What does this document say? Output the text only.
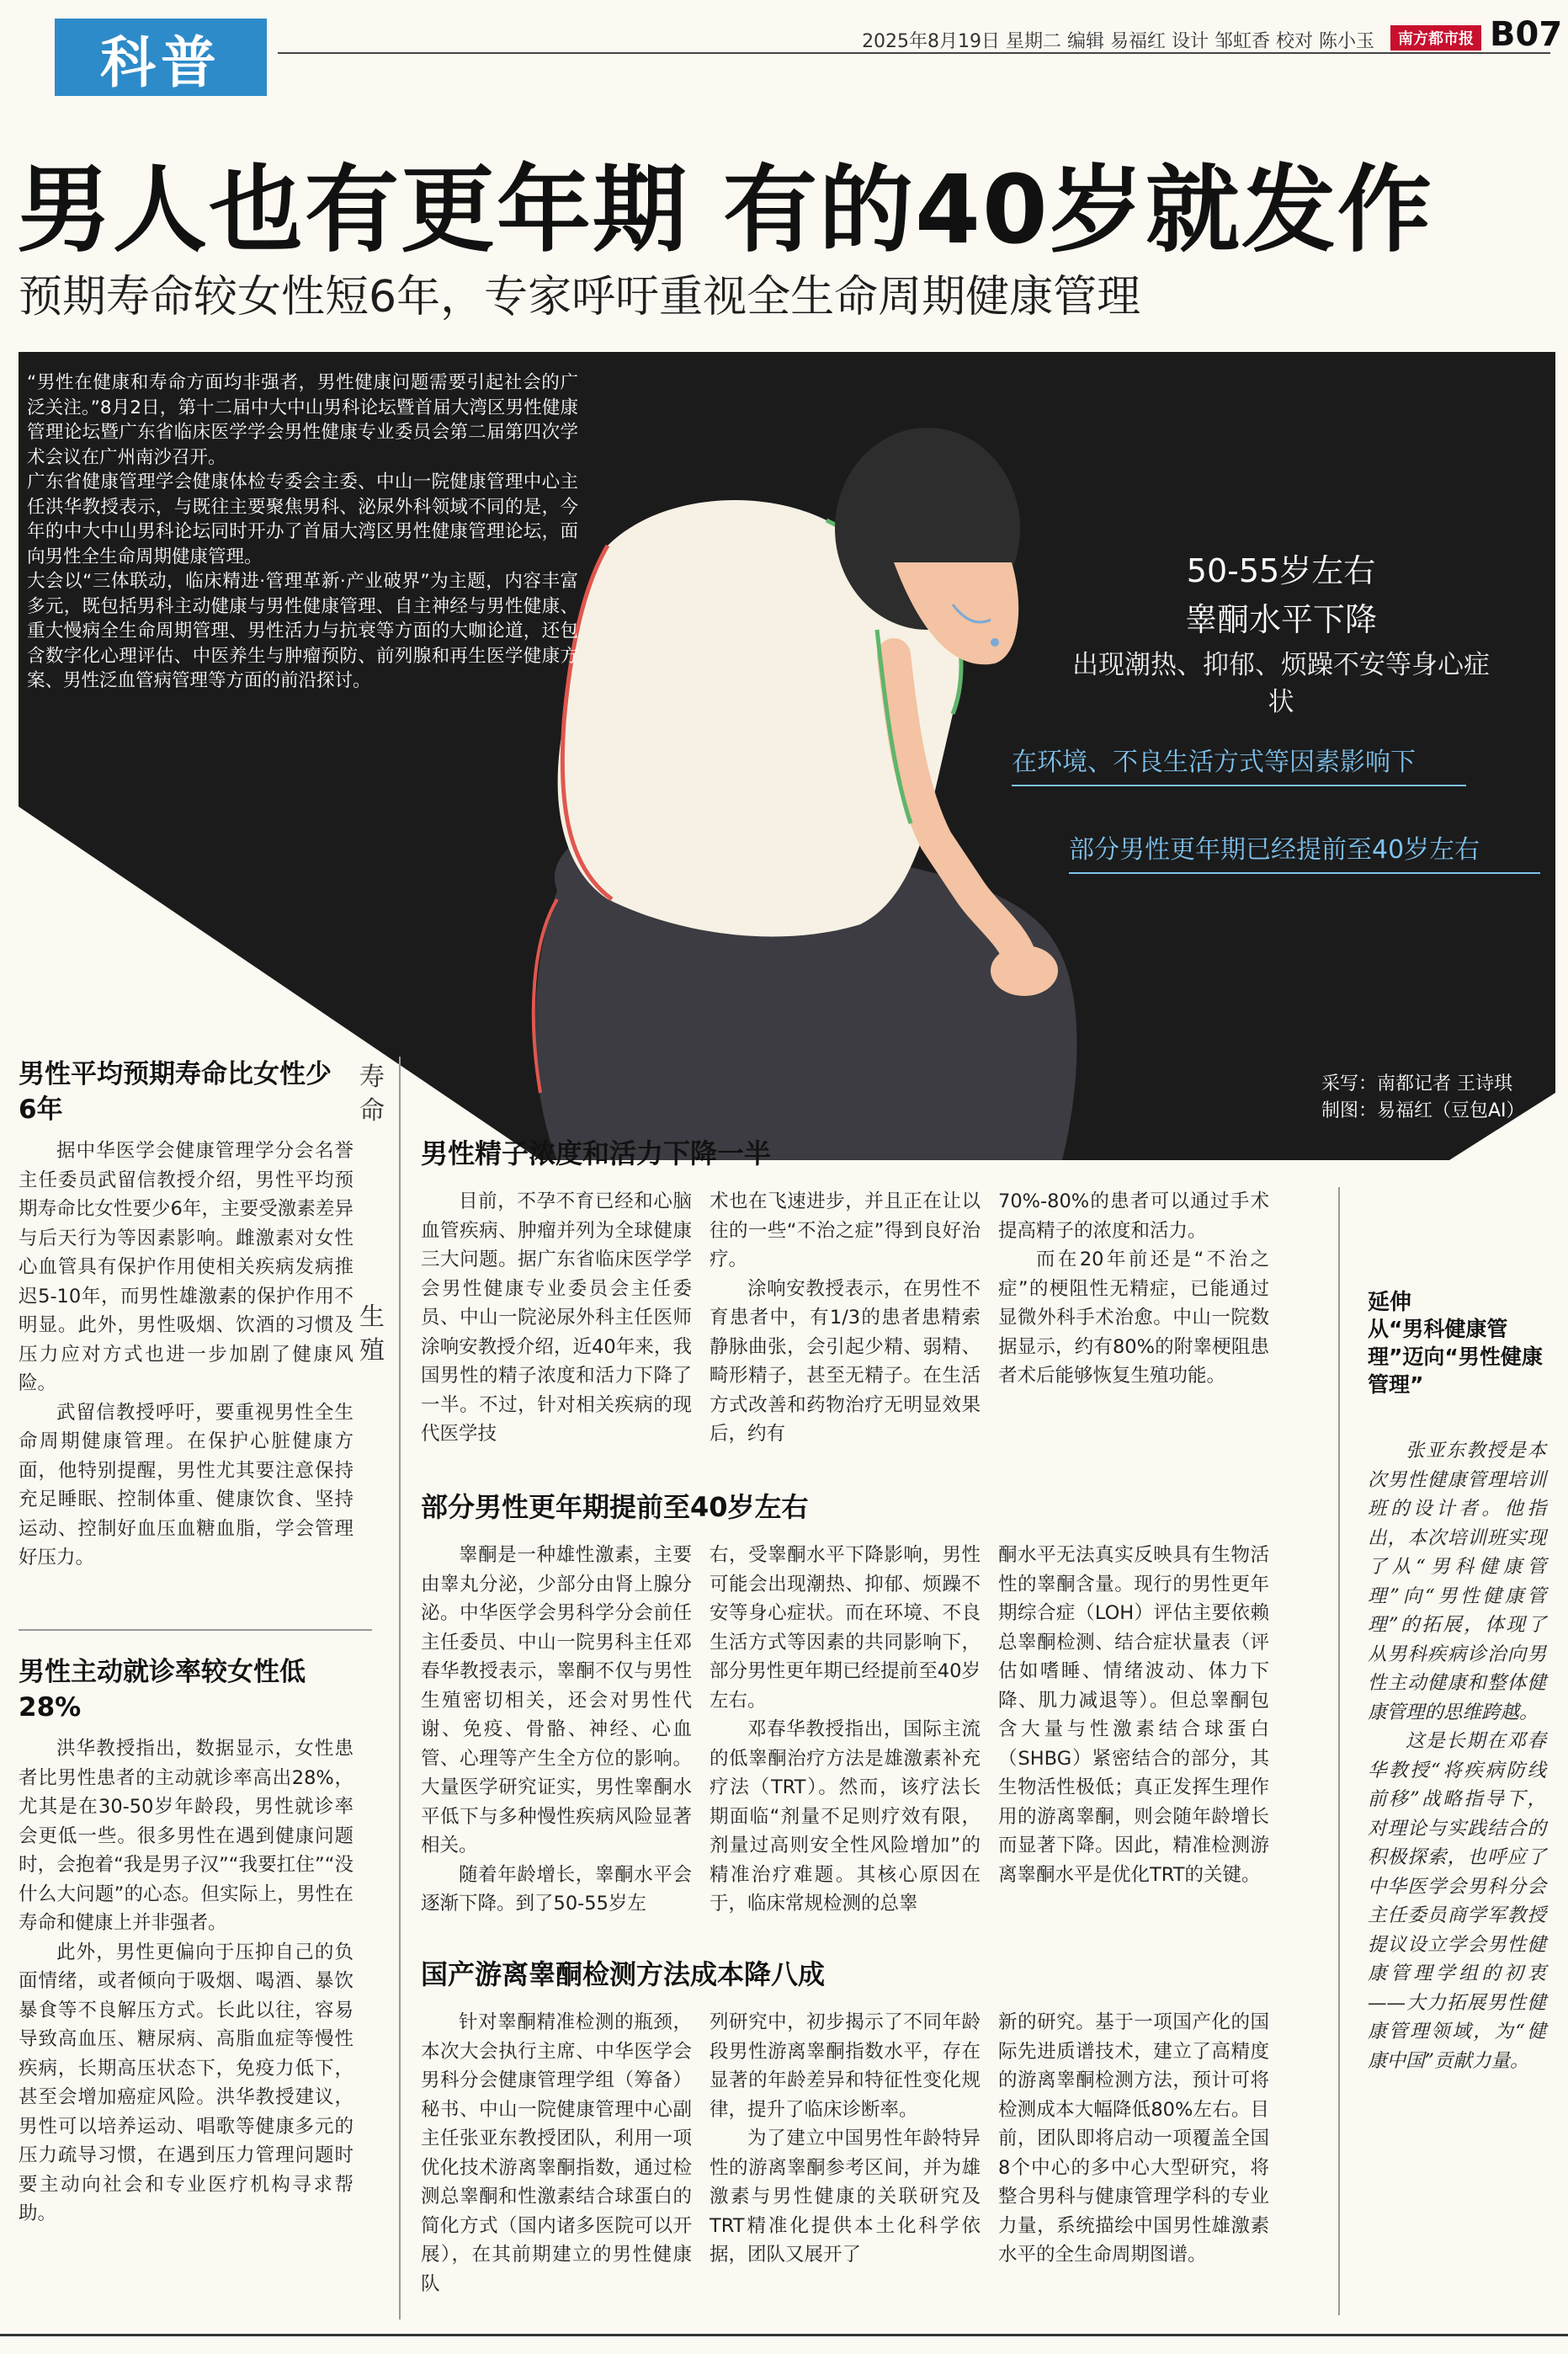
科普	2025年8月19日 星期二 编辑 易福红 设计 邹虹香 校对 陈小玉	南方都市报 B07
男人也有更年期 有的40岁就发作
预期寿命较女性短6年，专家呼吁重视全生命周期健康管理

“男性在健康和寿命方面均非强者，男性健康问题需要引起社会的广泛关注。”8月2日，第十二届中大中山男科论坛暨首届大湾区男性健康管理论坛暨广东省临床医学学会男性健康专业委员会第二届第四次学术会议在广州南沙召开。

广东省健康管理学会健康体检专委会主委、中山一院健康管理中心主任洪华教授表示，与既往主要聚焦男科、泌尿外科领域不同的是，今年的中大中山男科论坛同时开办了首届大湾区男性健康管理论坛，面向男性全生命周期健康管理。

大会以“三体联动，临床精进·管理革新·产业破界”为主题，内容丰富多元，既包括男科主动健康与男性健康管理、自主神经与男性健康、重大慢病全生命周期管理、男性活力与抗衰等方面的大咖论道，还包含数字化心理评估、中医养生与肿瘤预防、前列腺和再生医学健康方案、男性泛血管病管理等方面的前沿探讨。

50-55岁左右
睾酮水平下降
出现潮热、抑郁、烦躁不安等身心症状
在环境、不良生活方式等因素影响下
部分男性更年期已经提前至40岁左右
采写：南都记者 王诗琪
制图：易福红（豆包AI）
男性平均预期寿命比女性少6年

据中华医学会健康管理学分会名誉主任委员武留信教授介绍，男性平均预期寿命比女性要少6年，主要受激素差异与后天行为等因素影响。雌激素对女性心血管具有保护作用使相关疾病发病推迟5-10年，而男性雄激素的保护作用不明显。此外，男性吸烟、饮酒的习惯及压力应对方式也进一步加剧了健康风险。

武留信教授呼吁，要重视男性全生命周期健康管理。在保护心脏健康方面，他特别提醒，男性尤其要注意保持充足睡眠、控制体重、健康饮食、坚持运动、控制好血压血糖血脂，学会管理好压力。

男性主动就诊率较女性低28%

洪华教授指出，数据显示，女性患者比男性患者的主动就诊率高出28%，尤其是在30-50岁年龄段，男性就诊率会更低一些。很多男性在遇到健康问题时，会抱着“我是男子汉”“我要扛住”“没什么大问题”的心态。但实际上，男性在寿命和健康上并非强者。

此外，男性更偏向于压抑自己的负面情绪，或者倾向于吸烟、喝酒、暴饮暴食等不良解压方式。长此以往，容易导致高血压、糖尿病、高脂血症等慢性疾病，长期高压状态下，免疫力低下，甚至会增加癌症风险。洪华教授建议，男性可以培养运动、唱歌等健康多元的压力疏导习惯，在遇到压力管理问题时要主动向社会和专业医疗机构寻求帮助。

寿命
生殖
男性精子浓度和活力下降一半

目前，不孕不育已经和心脑血管疾病、肿瘤并列为全球健康三大问题。据广东省临床医学学会男性健康专业委员会主任委员、中山一院泌尿外科主任医师涂响安教授介绍，近40年来，我国男性的精子浓度和活力下降了一半。不过，针对相关疾病的现代医学技

术也在飞速进步，并且正在让以往的一些“不治之症”得到良好治疗。

涂响安教授表示，在男性不育患者中，有1/3的患者患精索静脉曲张，会引起少精、弱精、畸形精子，甚至无精子。在生活方式改善和药物治疗无明显效果后，约有

70%-80%的患者可以通过手术提高精子的浓度和活力。

而在20年前还是“不治之症”的梗阻性无精症，已能通过显微外科手术治愈。中山一院数据显示，约有80%的附睾梗阻患者术后能够恢复生殖功能。

部分男性更年期提前至40岁左右

睾酮是一种雄性激素，主要由睾丸分泌，少部分由肾上腺分泌。中华医学会男科学分会前任主任委员、中山一院男科主任邓春华教授表示，睾酮不仅与男性生殖密切相关，还会对男性代谢、免疫、骨骼、神经、心血管、心理等产生全方位的影响。大量医学研究证实，男性睾酮水平低下与多种慢性疾病风险显著相关。

随着年龄增长，睾酮水平会逐渐下降。到了50-55岁左

右，受睾酮水平下降影响，男性可能会出现潮热、抑郁、烦躁不安等身心症状。而在环境、不良生活方式等因素的共同影响下，部分男性更年期已经提前至40岁左右。

邓春华教授指出，国际主流的低睾酮治疗方法是雄激素补充疗法（TRT）。然而，该疗法长期面临“剂量不足则疗效有限，剂量过高则安全性风险增加”的精准治疗难题。其核心原因在于，临床常规检测的总睾

酮水平无法真实反映具有生物活性的睾酮含量。现行的男性更年期综合症（LOH）评估主要依赖总睾酮检测、结合症状量表（评估如嗜睡、情绪波动、体力下降、肌力减退等）。但总睾酮包含大量与性激素结合球蛋白（SHBG）紧密结合的部分，其生物活性极低；真正发挥生理作用的游离睾酮，则会随年龄增长而显著下降。因此，精准检测游离睾酮水平是优化TRT的关键。

国产游离睾酮检测方法成本降八成

针对睾酮精准检测的瓶颈，本次大会执行主席、中华医学会男科分会健康管理学组（筹备）秘书、中山一院健康管理中心副主任张亚东教授团队，利用一项优化技术游离睾酮指数，通过检测总睾酮和性激素结合球蛋白的简化方式（国内诸多医院可以开展），在其前期建立的男性健康队

列研究中，初步揭示了不同年龄段男性游离睾酮指数水平，存在显著的年龄差异和特征性变化规律，提升了临床诊断率。

为了建立中国男性年龄特异性的游离睾酮参考区间，并为雄激素与男性健康的关联研究及TRT精准化提供本土化科学依据，团队又展开了

新的研究。基于一项国产化的国际先进质谱技术，建立了高精度的游离睾酮检测方法，预计可将检测成本大幅降低80%左右。目前，团队即将启动一项覆盖全国8个中心的多中心大型研究，将整合男科与健康管理学科的专业力量，系统描绘中国男性雄激素水平的全生命周期图谱。

延伸
从“男科健康管理”迈向“男性健康管理”

张亚东教授是本次男性健康管理培训班的设计者。他指出，本次培训班实现了从“男科健康管理”向“男性健康管理”的拓展，体现了从男科疾病诊治向男性主动健康和整体健康管理的思维跨越。

这是长期在邓春华教授“将疾病防线前移”战略指导下，对理论与实践结合的积极探索，也呼应了中华医学会男科分会主任委员商学军教授提议设立学会男性健康管理学组的初衷——大力拓展男性健康管理领域，为“健康中国”贡献力量。
